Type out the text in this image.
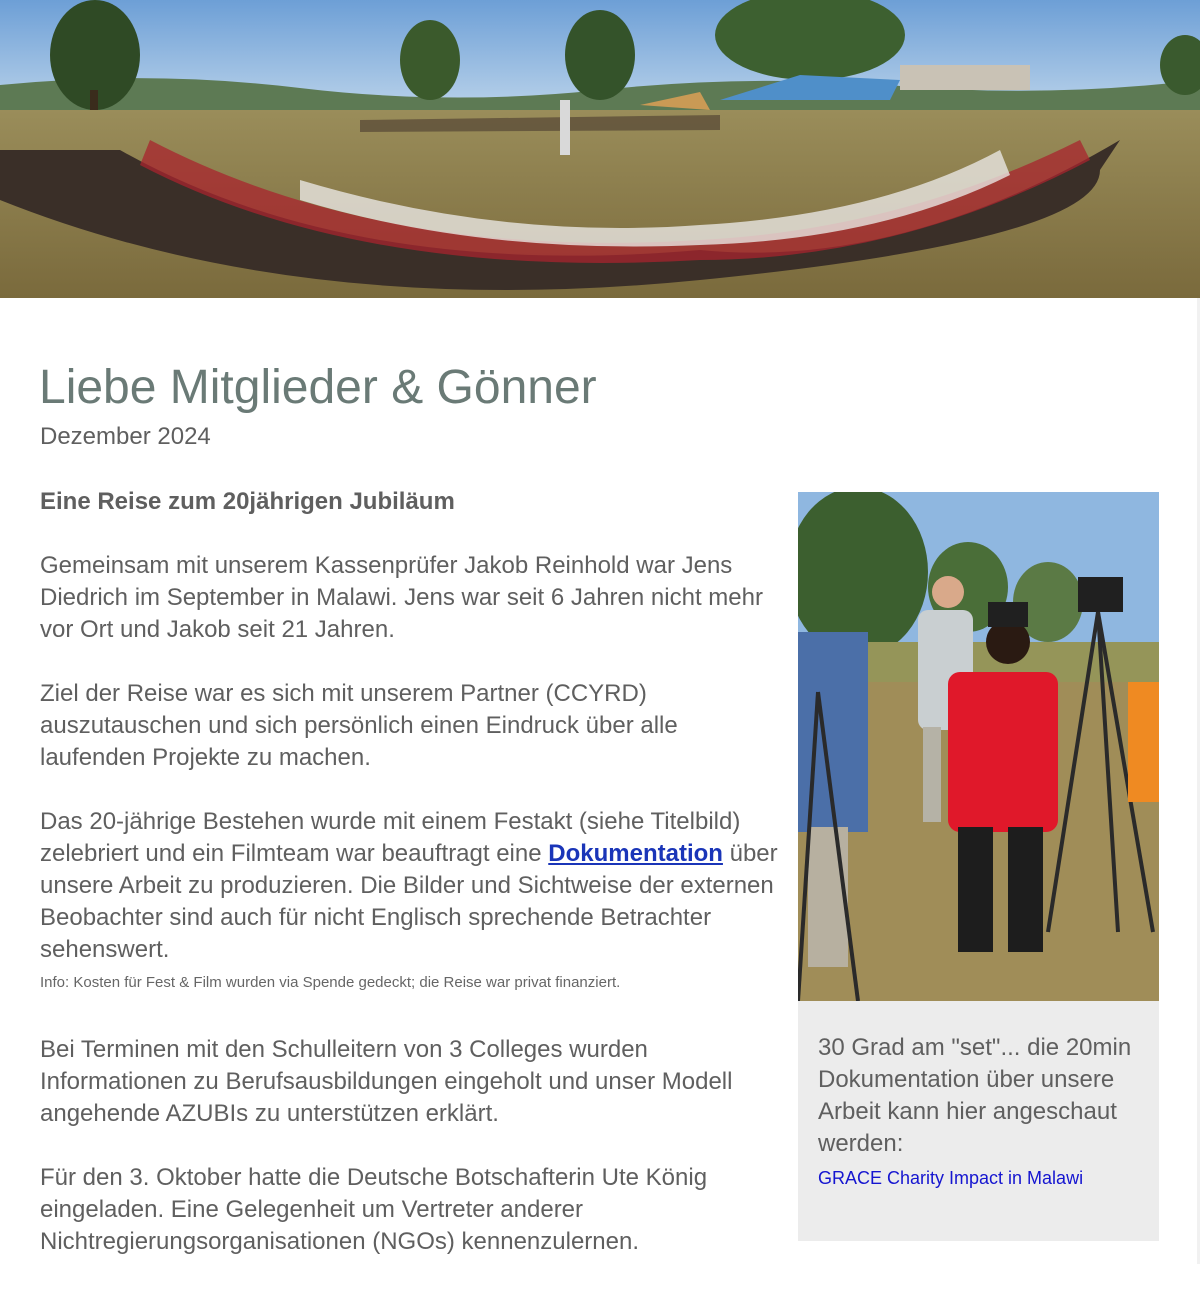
Liebe Mitglieder & Gönner
Dezember 2024

Eine Reise zum 20jährigen Jubiläum

Gemeinsam mit unserem Kassenprüfer Jakob Reinhold war Jens Diedrich im September in Malawi. Jens war seit 6 Jahren nicht mehr vor Ort und Jakob seit 21 Jahren.

Ziel der Reise war es sich mit unserem Partner (CCYRD) auszutauschen und sich persönlich einen Eindruck über alle laufenden Projekte zu machen.

Das 20-jährige Bestehen wurde mit einem Festakt (siehe Titelbild) zelebriert und ein Filmteam war beauftragt eine Dokumentation über unsere Arbeit zu produzieren. Die Bilder und Sichtweise der externen Beobachter sind auch für nicht Englisch sprechende Betrachter sehenswert.

Info: Kosten für Fest & Film wurden via Spende gedeckt; die Reise war privat finanziert.

Bei Terminen mit den Schulleitern von 3 Colleges wurden Informationen zu Berufsausbildungen eingeholt und unser Modell angehende AZUBIs zu unterstützen erklärt.

Für den 3. Oktober hatte die Deutsche Botschafterin Ute König eingeladen. Eine Gelegenheit um Vertreter anderer Nichtregierungsorganisationen (NGOs) kennenzulernen.

30 Grad am "set"... die 20min Dokumentation über unsere Arbeit kann hier angeschaut werden:
GRACE Charity Impact in Malawi
